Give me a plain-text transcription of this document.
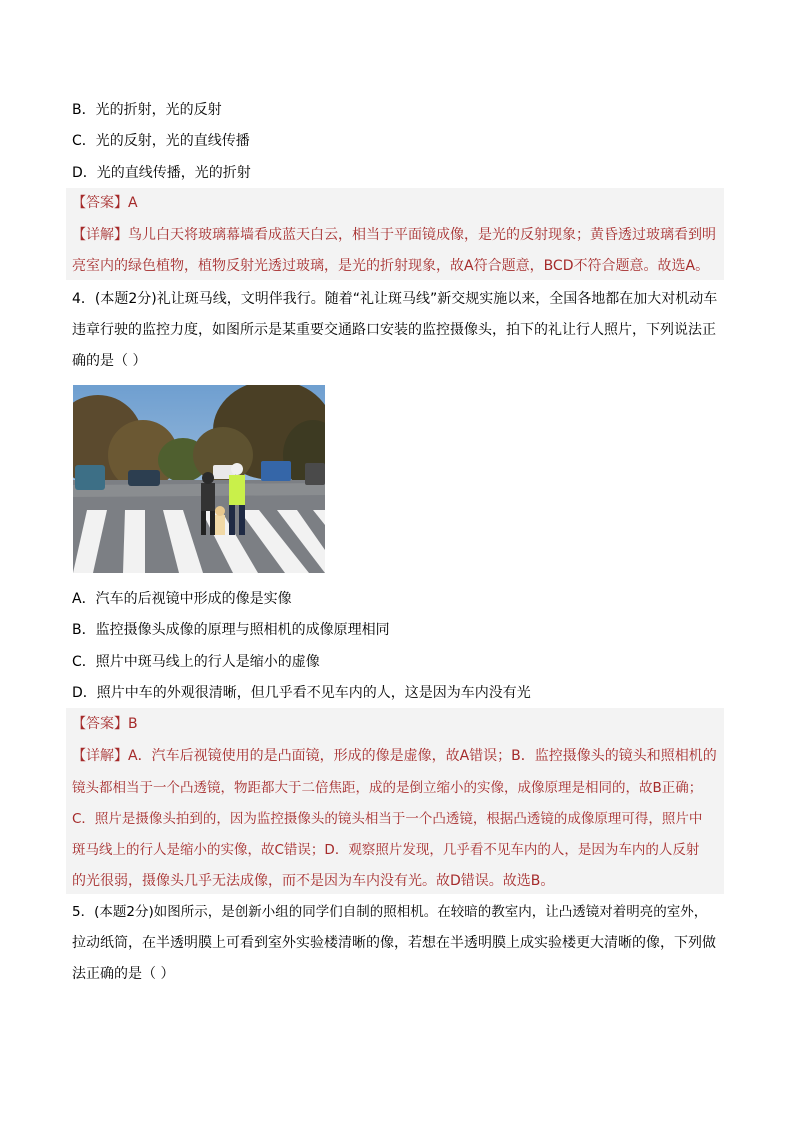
B．光的折射，光的反射
C．光的反射，光的直线传播
D．光的直线传播，光的折射
【答案】A
【详解】鸟儿白天将玻璃幕墙看成蓝天白云，相当于平面镜成像，是光的反射现象；黄昏透过玻璃看到明
亮室内的绿色植物，植物反射光透过玻璃，是光的折射现象，故A符合题意，BCD不符合题意。故选A。
4．(本题2分)礼让斑马线，文明伴我行。随着“礼让斑马线”新交规实施以来，全国各地都在加大对机动车
违章行驶的监控力度，如图所示是某重要交通路口安装的监控摄像头，拍下的礼让行人照片，下列说法正
确的是（ ）
A．汽车的后视镜中形成的像是实像
B．监控摄像头成像的原理与照相机的成像原理相同
C．照片中斑马线上的行人是缩小的虚像
D．照片中车的外观很清晰，但几乎看不见车内的人，这是因为车内没有光
【答案】B
【详解】A．汽车后视镜使用的是凸面镜，形成的像是虚像，故A错误；B．监控摄像头的镜头和照相机的
镜头都相当于一个凸透镜，物距都大于二倍焦距，成的是倒立缩小的实像，成像原理是相同的，故B正确；
C．照片是摄像头拍到的，因为监控摄像头的镜头相当于一个凸透镜，根据凸透镜的成像原理可得，照片中
斑马线上的行人是缩小的实像，故C错误；D．观察照片发现，几乎看不见车内的人，是因为车内的人反射
的光很弱，摄像头几乎无法成像，而不是因为车内没有光。故D错误。故选B。
5．(本题2分)如图所示，是创新小组的同学们自制的照相机。在较暗的教室内，让凸透镜对着明亮的室外，
拉动纸筒，在半透明膜上可看到室外实验楼清晰的像，若想在半透明膜上成实验楼更大清晰的像，下列做
法正确的是（ ）
